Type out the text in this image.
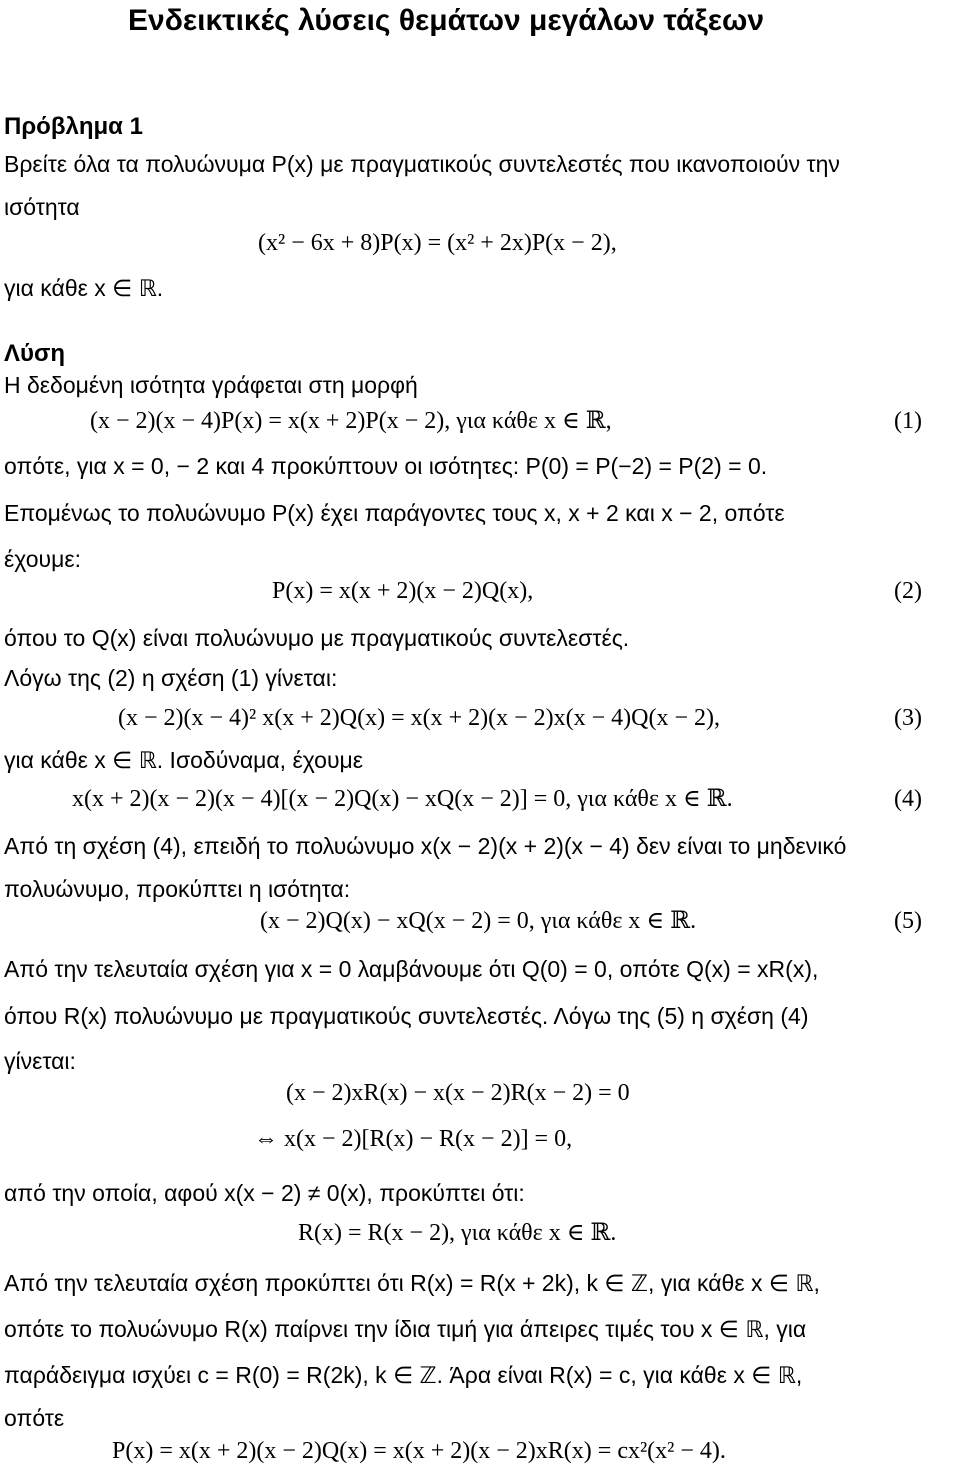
Ενδεικτικές λύσεις θεμάτων μεγάλων τάξεων
Πρόβλημα 1
Βρείτε όλα τα πολυώνυμα P(x) με πραγματικούς συντελεστές που ικανοποιούν την
ισότητα
(x² − 6x + 8)P(x) = (x² + 2x)P(x − 2),
για κάθε x ∈ ℝ.
Λύση
Η δεδομένη ισότητα γράφεται στη μορφή
(x − 2)(x − 4)P(x) = x(x + 2)P(x − 2), για κάθε x ∈ ℝ,	(1)
οπότε, για x = 0, − 2 και 4 προκύπτουν οι ισότητες: P(0) = P(−2) = P(2) = 0.
Επομένως το πολυώνυμο P(x) έχει παράγοντες τους x, x + 2 και x − 2, οπότε
έχουμε:
P(x) = x(x + 2)(x − 2)Q(x),	(2)
όπου το Q(x) είναι πολυώνυμο με πραγματικούς συντελεστές.
Λόγω της (2) η σχέση (1) γίνεται:
(x − 2)(x − 4)² x(x + 2)Q(x) = x(x + 2)(x − 2)x(x − 4)Q(x − 2),	(3)
για κάθε x ∈ ℝ. Ισοδύναμα, έχουμε
x(x + 2)(x − 2)(x − 4)[(x − 2)Q(x) − xQ(x − 2)] = 0, για κάθε x ∈ ℝ.	(4)
Από τη σχέση (4), επειδή το πολυώνυμο x(x − 2)(x + 2)(x − 4) δεν είναι το μηδενικό
πολυώνυμο, προκύπτει η ισότητα:
(x − 2)Q(x) − xQ(x − 2) = 0, για κάθε x ∈ ℝ.	(5)
Από την τελευταία σχέση για x = 0 λαμβάνουμε ότι Q(0) = 0, οπότε Q(x) = xR(x),
όπου R(x) πολυώνυμο με πραγματικούς συντελεστές. Λόγω της (5) η σχέση (4)
γίνεται:
(x − 2)xR(x) − x(x − 2)R(x − 2) = 0
⇔ x(x − 2)[R(x) − R(x − 2)] = 0,
από την οποία, αφού x(x − 2) ≠ 0(x), προκύπτει ότι:
R(x) = R(x − 2), για κάθε x ∈ ℝ.
Από την τελευταία σχέση προκύπτει ότι R(x) = R(x + 2k), k ∈ ℤ, για κάθε x ∈ ℝ,
οπότε το πολυώνυμο R(x) παίρνει την ίδια τιμή για άπειρες τιμές του x ∈ ℝ, για
παράδειγμα ισχύει c = R(0) = R(2k), k ∈ ℤ. Άρα είναι R(x) = c, για κάθε x ∈ ℝ,
οπότε
P(x) = x(x + 2)(x − 2)Q(x) = x(x + 2)(x − 2)xR(x) = cx²(x² − 4).
